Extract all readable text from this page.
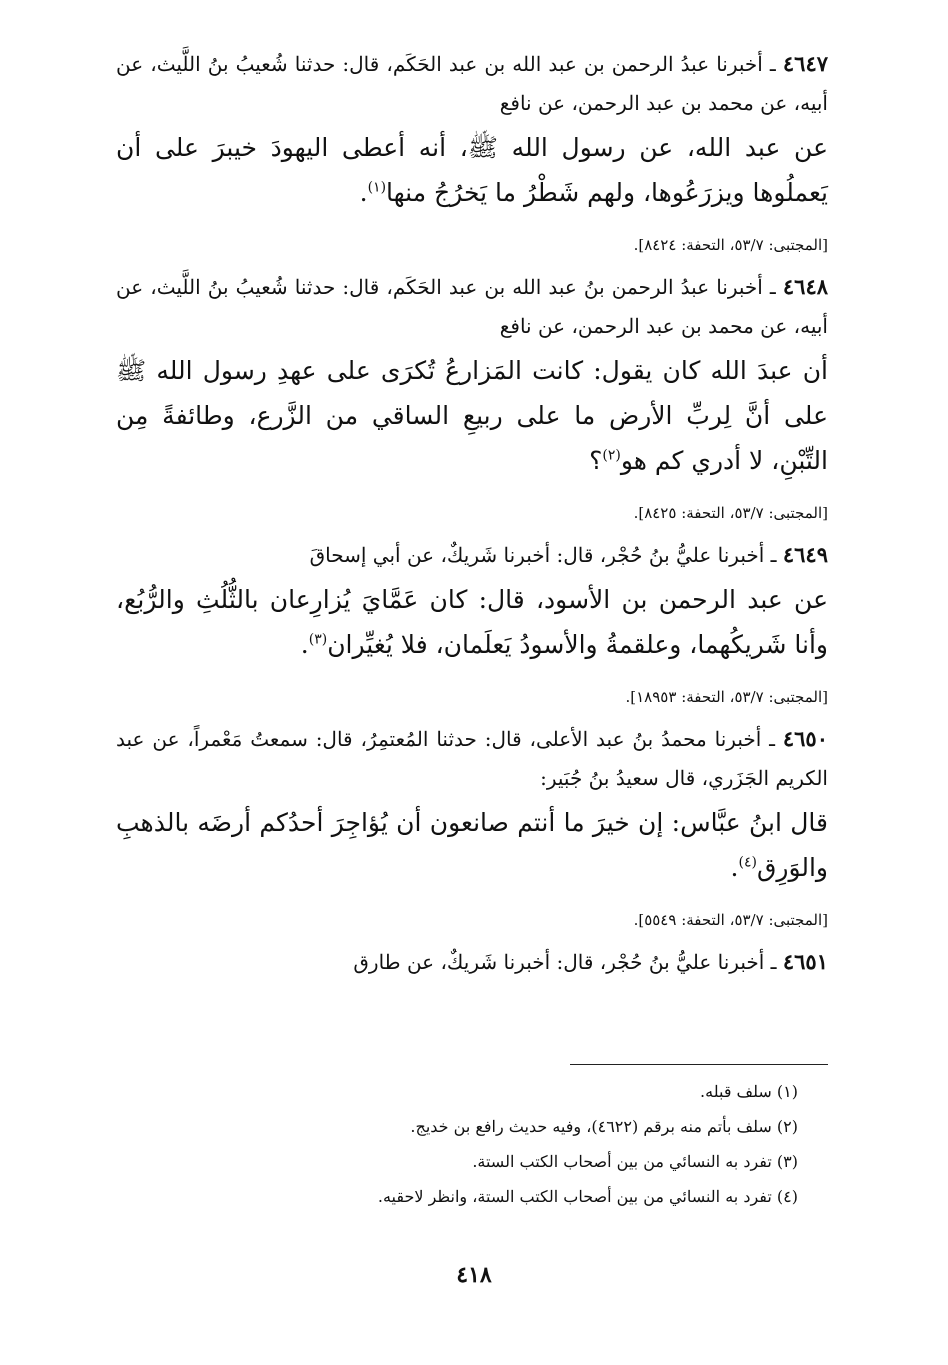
٤٦٤٧ ـ أخبرنا عبدُ الرحمن بن عبد الله بن عبد الحَكَم، قال: حدثنا شُعيبُ بنُ اللَّيث، عن أبيه، عن محمد بن عبد الرحمن، عن نافع

عن عبد الله، عن رسول الله ﷺ، أنه أعطى اليهودَ خيبرَ على أن يَعملُوها ويزرَعُوها، ولهم شَطْرُ ما يَخرُجُ منها$^{(١)}$.

[المجتبى: ٥٣/٧، التحفة: ٨٤٢٤].

٤٦٤٨ ـ أخبرنا عبدُ الرحمن بنُ عبد الله بن عبد الحَكَم، قال: حدثنا شُعيبُ بنُ اللَّيث، عن أبيه، عن محمد بن عبد الرحمن، عن نافع

أن عبدَ الله كان يقول: كانت المَزارعُ تُكرَى على عهدِ رسول الله ﷺ على أنَّ لِربِّ الأرض ما على ربيعِ الساقي من الزَّرع، وطائفةً مِن التِّبْنِ، لا أدري كم هو$^{(٢)}$؟

[المجتبى: ٥٣/٧، التحفة: ٨٤٢٥].

٤٦٤٩ ـ أخبرنا عليُّ بنُ حُجْر، قال: أخبرنا شَريكٌ، عن أبي إسحاقَ

عن عبد الرحمن بن الأسود، قال: كان عَمَّايَ يُزارِعان بالثُّلُثِ والرُّبُع، وأنا شَريكُهما، وعلقمةُ والأسودُ يَعلَمان، فلا يُغيِّران$^{(٣)}$.

[المجتبى: ٥٣/٧، التحفة: ١٨٩٥٣].

٤٦٥٠ ـ أخبرنا محمدُ بنُ عبد الأعلى، قال: حدثنا المُعتمِرُ، قال: سمعتُ مَعْمراً، عن عبد الكريم الجَزَري، قال سعيدُ بنُ جُبَير:

قال ابنُ عبَّاس: إن خيرَ ما أنتم صانعون أن يُؤاجِرَ أحدُكم أرضَه بالذهبِ والوَرِق$^{(٤)}$.

[المجتبى: ٥٣/٧، التحفة: ٥٥٤٩].

٤٦٥١ ـ أخبرنا عليُّ بنُ حُجْر، قال: أخبرنا شَريكٌ، عن طارق

(١) سلف قبله.

(٢) سلف بأتم منه برقم (٤٦٢٢)، وفيه حديث رافع بن خديج.

(٣) تفرد به النسائي من بين أصحاب الكتب الستة.

(٤) تفرد به النسائي من بين أصحاب الكتب الستة، وانظر لاحقيه.

٤١٨
